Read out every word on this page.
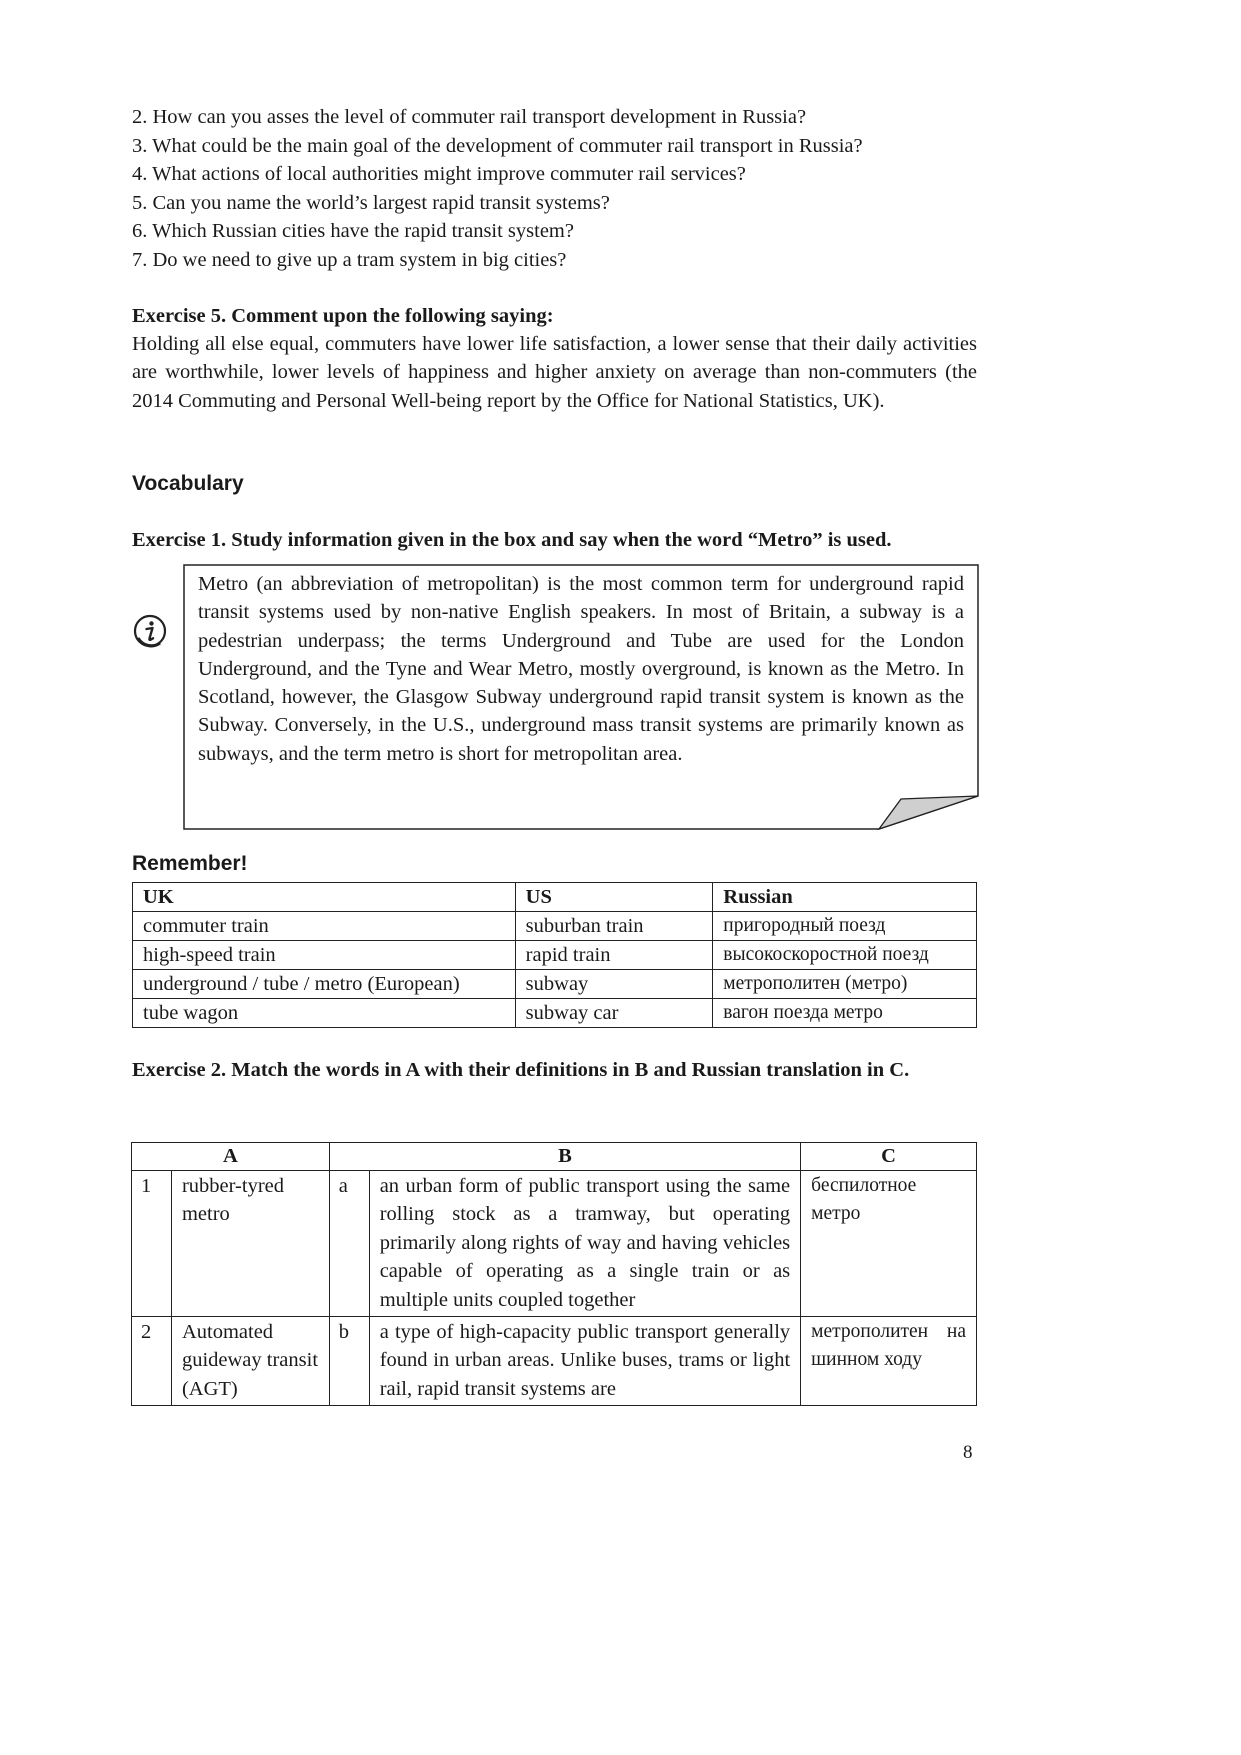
2. How can you asses the level of commuter rail transport development in Russia?
3. What could be the main goal of the development of commuter rail transport in Russia?
4. What actions of local authorities might improve commuter rail services?
5. Can you name the world’s largest rapid transit systems?
6. Which Russian cities have the rapid transit system?
7. Do we need to give up a tram system in big cities?
Exercise 5. Comment upon the following saying:
Holding all else equal, commuters have lower life satisfaction, a lower sense that their daily activities are worthwhile, lower levels of happiness and higher anxiety on average than non-commuters (the 2014 Commuting and Personal Well-being report by the Office for National Statistics, UK).
Vocabulary
Exercise 1. Study information given in the box and say when the word “Metro” is used.
Metro (an abbreviation of metropolitan) is the most common term for underground rapid transit systems used by non-native English speakers. In most of Britain, a subway is a pedestrian underpass; the terms Underground and Tube are used for the London Underground, and the Tyne and Wear Metro, mostly overground, is known as the Metro. In Scotland, however, the Glasgow Subway underground rapid transit system is known as the Subway. Conversely, in the U.S., underground mass transit systems are primarily known as subways, and the term metro is short for metropolitan area.
Remember!
UK	US	Russian
commuter train	suburban train	пригородный поезд
high-speed train	rapid train	высокоскоростной поезд
underground / tube / metro (European)	subway	метрополитен (метро)
tube wagon	subway car	вагон поезда метро
Exercise 2. Match the words in A with their definitions in B and Russian translation in C.
A		B		C
1	rubber-tyred metro	a	an urban form of public transport using the same rolling stock as a tramway, but operating primarily along rights of way and having vehicles capable of operating as a single train or as multiple units coupled together	беспилотное метро
2	Automated guideway transit (AGT)	b	a type of high-capacity public transport generally found in urban areas. Unlike buses, trams or light rail, rapid transit systems are	метрополитен на шинном ходу
8
